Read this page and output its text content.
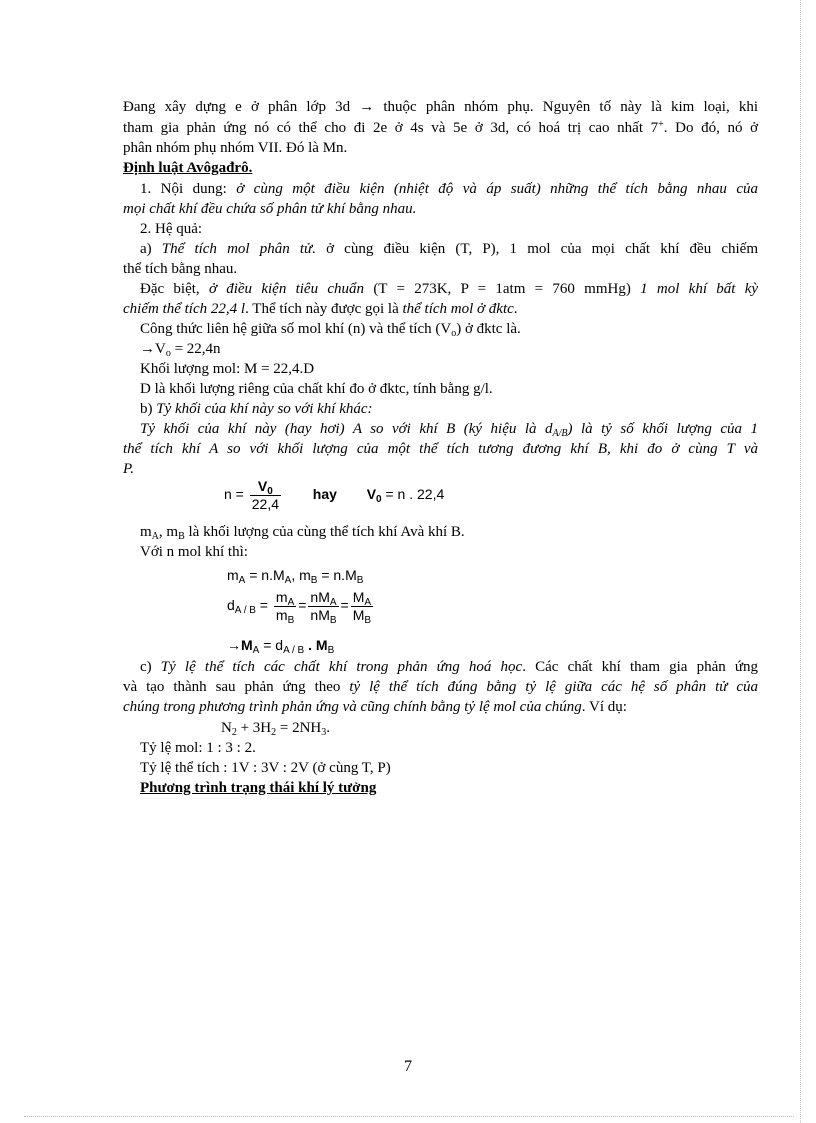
Đang xây dựng e ở phân lớp 3d → thuộc phân nhóm phụ. Nguyên tố này là kim loại, khi
tham gia phản ứng nó có thể cho đi 2e ở 4s và 5e ở 3d, có hoá trị cao nhất 7+. Do đó, nó ở
phân nhóm phụ nhóm VII. Đó là Mn.
Định luật Avôgađrô.
1. Nội dung: ở cùng một điều kiện (nhiệt độ và áp suất) những thể tích bằng nhau của
mọi chất khí đều chứa số phân tử khí bằng nhau.
2. Hệ quả:
a) Thể tích mol phân tử. ở cùng điều kiện (T, P), 1 mol của mọi chất khí đều chiếm
thể tích bằng nhau.
Đặc biệt, ở điều kiện tiêu chuẩn (T = 273K, P = 1atm = 760 mmHg) 1 mol khí bất kỳ
chiếm thể tích 22,4 l. Thể tích này được gọi là thể tích mol ở đktc.
Công thức liên hệ giữa số mol khí (n) và thể tích $(V_o)$ ở đktc là.
$\to V_o = 22,4n$
Khối lượng mol: M = 22,4.D
D là khối lượng riêng của chất khí đo ở đktc, tính bằng g/l.
b) Tỷ khối của khí này so với khí khác:
Tỷ khối của khí này (hay hơi) A so với khí B (ký hiệu là $d_{A/B}$) là tỷ số khối lượng của 1
thể tích khí A so với khối lượng của một thể tích tương đương khí B, khi đo ở cùng T và
P.
$n = \frac{V_0}{22,4}$ hay $V_0 = n$ . 22,4
$m_A$, $m_B$ là khối lượng của cùng thể tích khí Avà khí B.
Với n mol khí thì:
$m_A = n.M_A$, $m_B = n.M_B$
$d_{A / B} = \frac{m_A}{m_B} = \frac{nM_A}{nM_B} = \frac{M_A}{M_B}$
$\to M_A = d_{A / B}$ . $M_B$
c) Tỷ lệ thể tích các chất khí trong phản ứng hoá học. Các chất khí tham gia phản ứng
và tạo thành sau phản ứng theo tỷ lệ thể tích đúng bằng tỷ lệ giữa các hệ số phân tử của
chúng trong phương trình phản ứng và cũng chính bằng tỷ lệ mol của chúng. Ví dụ:
$N_2 + 3H_2 = 2NH_3$.
Tỷ lệ mol: 1 : 3 : 2.
Tỷ lệ thể tích : 1V : 3V : 2V (ở cùng T, P)
Phương trình trạng thái khí lý tưởng
7
